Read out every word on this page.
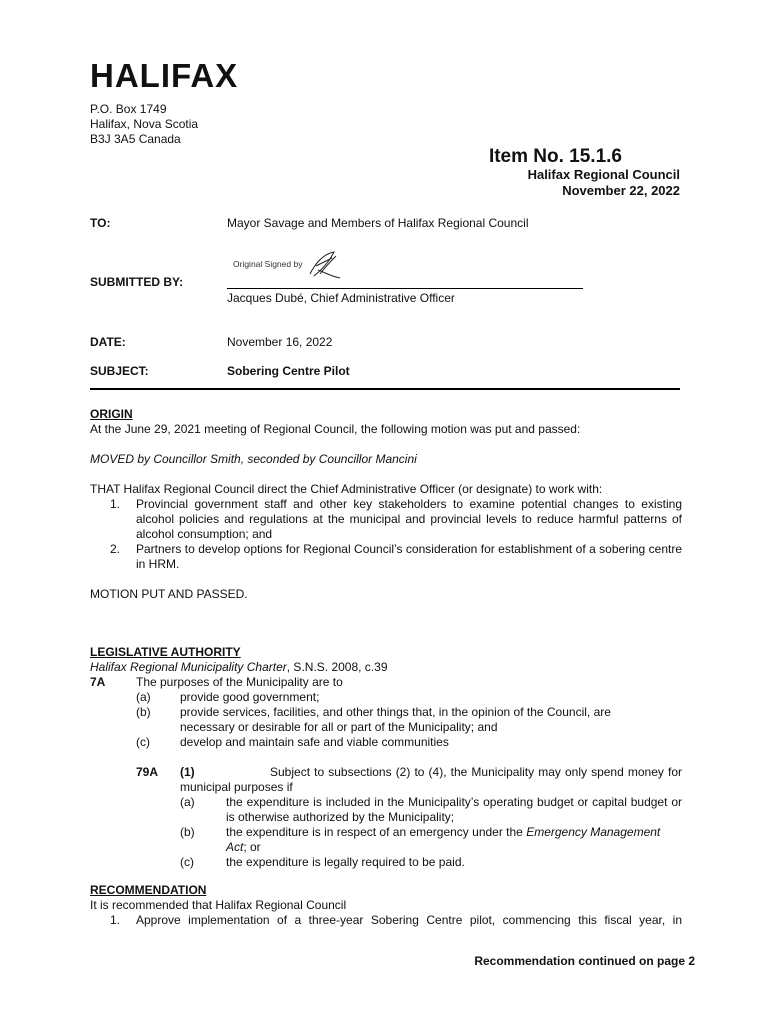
HALIFAX
P.O. Box 1749
Halifax, Nova Scotia
B3J 3A5 Canada
Item No. 15.1.6
Halifax Regional Council
November 22, 2022
TO:	Mayor Savage and Members of Halifax Regional Council
Original Signed by
SUBMITTED BY:
Jacques Dubé, Chief Administrative Officer
DATE:	November 16, 2022
SUBJECT:	Sobering Centre Pilot
ORIGIN
At the June 29, 2021 meeting of Regional Council, the following motion was put and passed:
MOVED by Councillor Smith, seconded by Councillor Mancini
THAT Halifax Regional Council direct the Chief Administrative Officer (or designate) to work with:
1. Provincial government staff and other key stakeholders to examine potential changes to existing alcohol policies and regulations at the municipal and provincial levels to reduce harmful patterns of alcohol consumption; and
2. Partners to develop options for Regional Council’s consideration for establishment of a sobering centre in HRM.
MOTION PUT AND PASSED.
LEGISLATIVE AUTHORITY
Halifax Regional Municipality Charter, S.N.S. 2008, c.39
7A	The purposes of the Municipality are to
(a) provide good government;
(b) provide services, facilities, and other things that, in the opinion of the Council, are necessary or desirable for all or part of the Municipality; and
(c)	develop and maintain safe and viable communities
79A (1)	Subject to subsections (2) to (4), the Municipality may only spend money for municipal purposes if
(a)	the expenditure is included in the Municipality’s operating budget or capital budget or is otherwise authorized by the Municipality;
(b)	the expenditure is in respect of an emergency under the Emergency Management Act; or
(c)	the expenditure is legally required to be paid.
RECOMMENDATION
It is recommended that Halifax Regional Council
1. Approve implementation of a three-year Sobering Centre pilot, commencing this fiscal year, in
Recommendation continued on page 2
